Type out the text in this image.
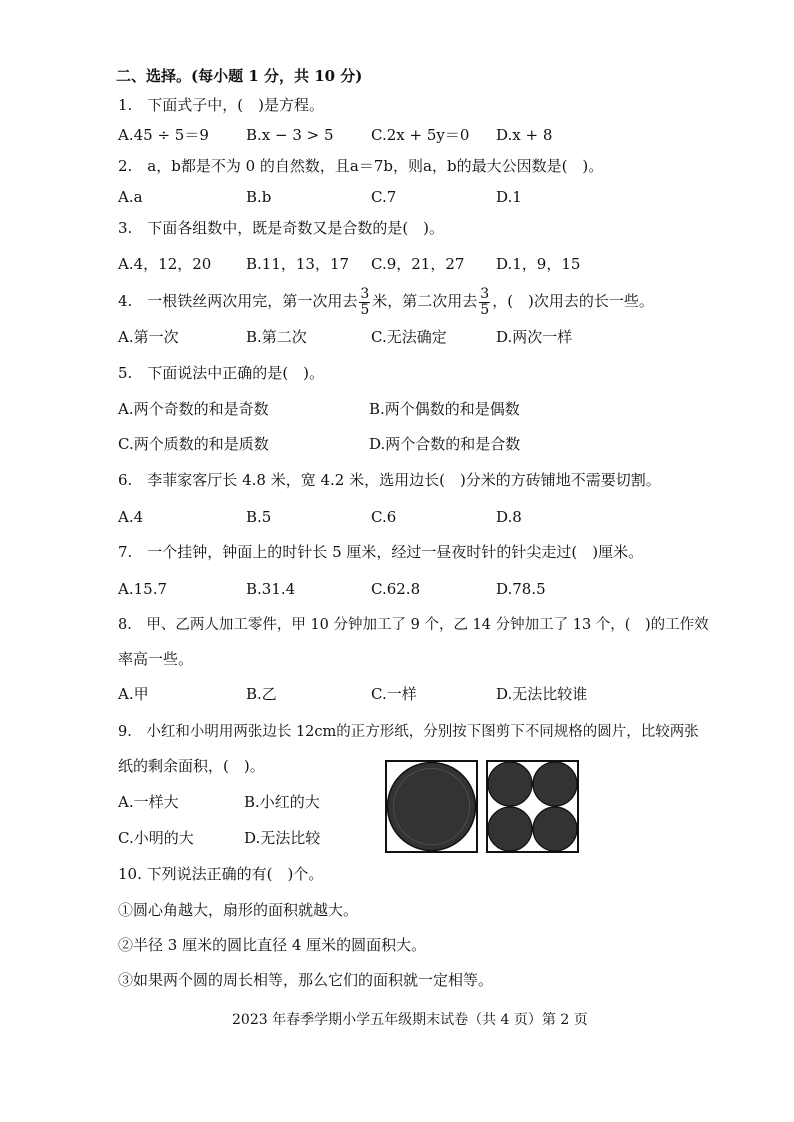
二、选择。(每小题 1 分，共 10 分)
1.　下面式子中，(　)是方程。
A.45 ÷ 5＝9 B.x − 3 > 5 C.2x + 5y＝0 D.x + 8
2.　a，b都是不为 0 的自然数，且a＝7b，则a，b的最大公因数是(　)。
A.a	B.b	C.7	D.1
3.　下面各组数中，既是奇数又是合数的是(　)。
A.4，12，20 B.11，13，17 C.9，21，27 D.1，9，15
4.　一根铁丝两次用完，第一次用去 $\frac{3}{5}$ 米，第二次用去 $\frac{3}{5}$ ，(　)次用去的长一些。
A.第一次	B.第二次	C.无法确定	D.两次一样
5.　下面说法中正确的是(　)。
A.两个奇数的和是奇数	B.两个偶数的和是偶数
C.两个质数的和是质数	D.两个合数的和是合数
6.　李菲家客厅长 4.8 米，宽 4.2 米，选用边长(　)分米的方砖铺地不需要切割。
A.4	B.5	C.6	D.8
7.　一个挂钟，钟面上的时针长 5 厘米，经过一昼夜时针的针尖走过(　)厘米。
A.15.7	B.31.4	C.62.8	D.78.5
8.　甲、乙两人加工零件，甲 10 分钟加工了 9 个，乙 14 分钟加工了 13 个，(　)的工作效
率高一些。
A.甲	B.乙	C.一样	D.无法比较谁
9.　小红和小明用两张边长 12cm的正方形纸，分别按下图剪下不同规格的圆片，比较两张
纸的剩余面积，(　)。
A.一样大	B.小红的大
C.小明的大	D.无法比较
10. 下列说法正确的有(　)个。
①圆心角越大，扇形的面积就越大。
②半径 3 厘米的圆比直径 4 厘米的圆面积大。
③如果两个圆的周长相等，那么它们的面积就一定相等。
2023 年春季学期小学五年级期末试卷（共 4 页）第 2 页
